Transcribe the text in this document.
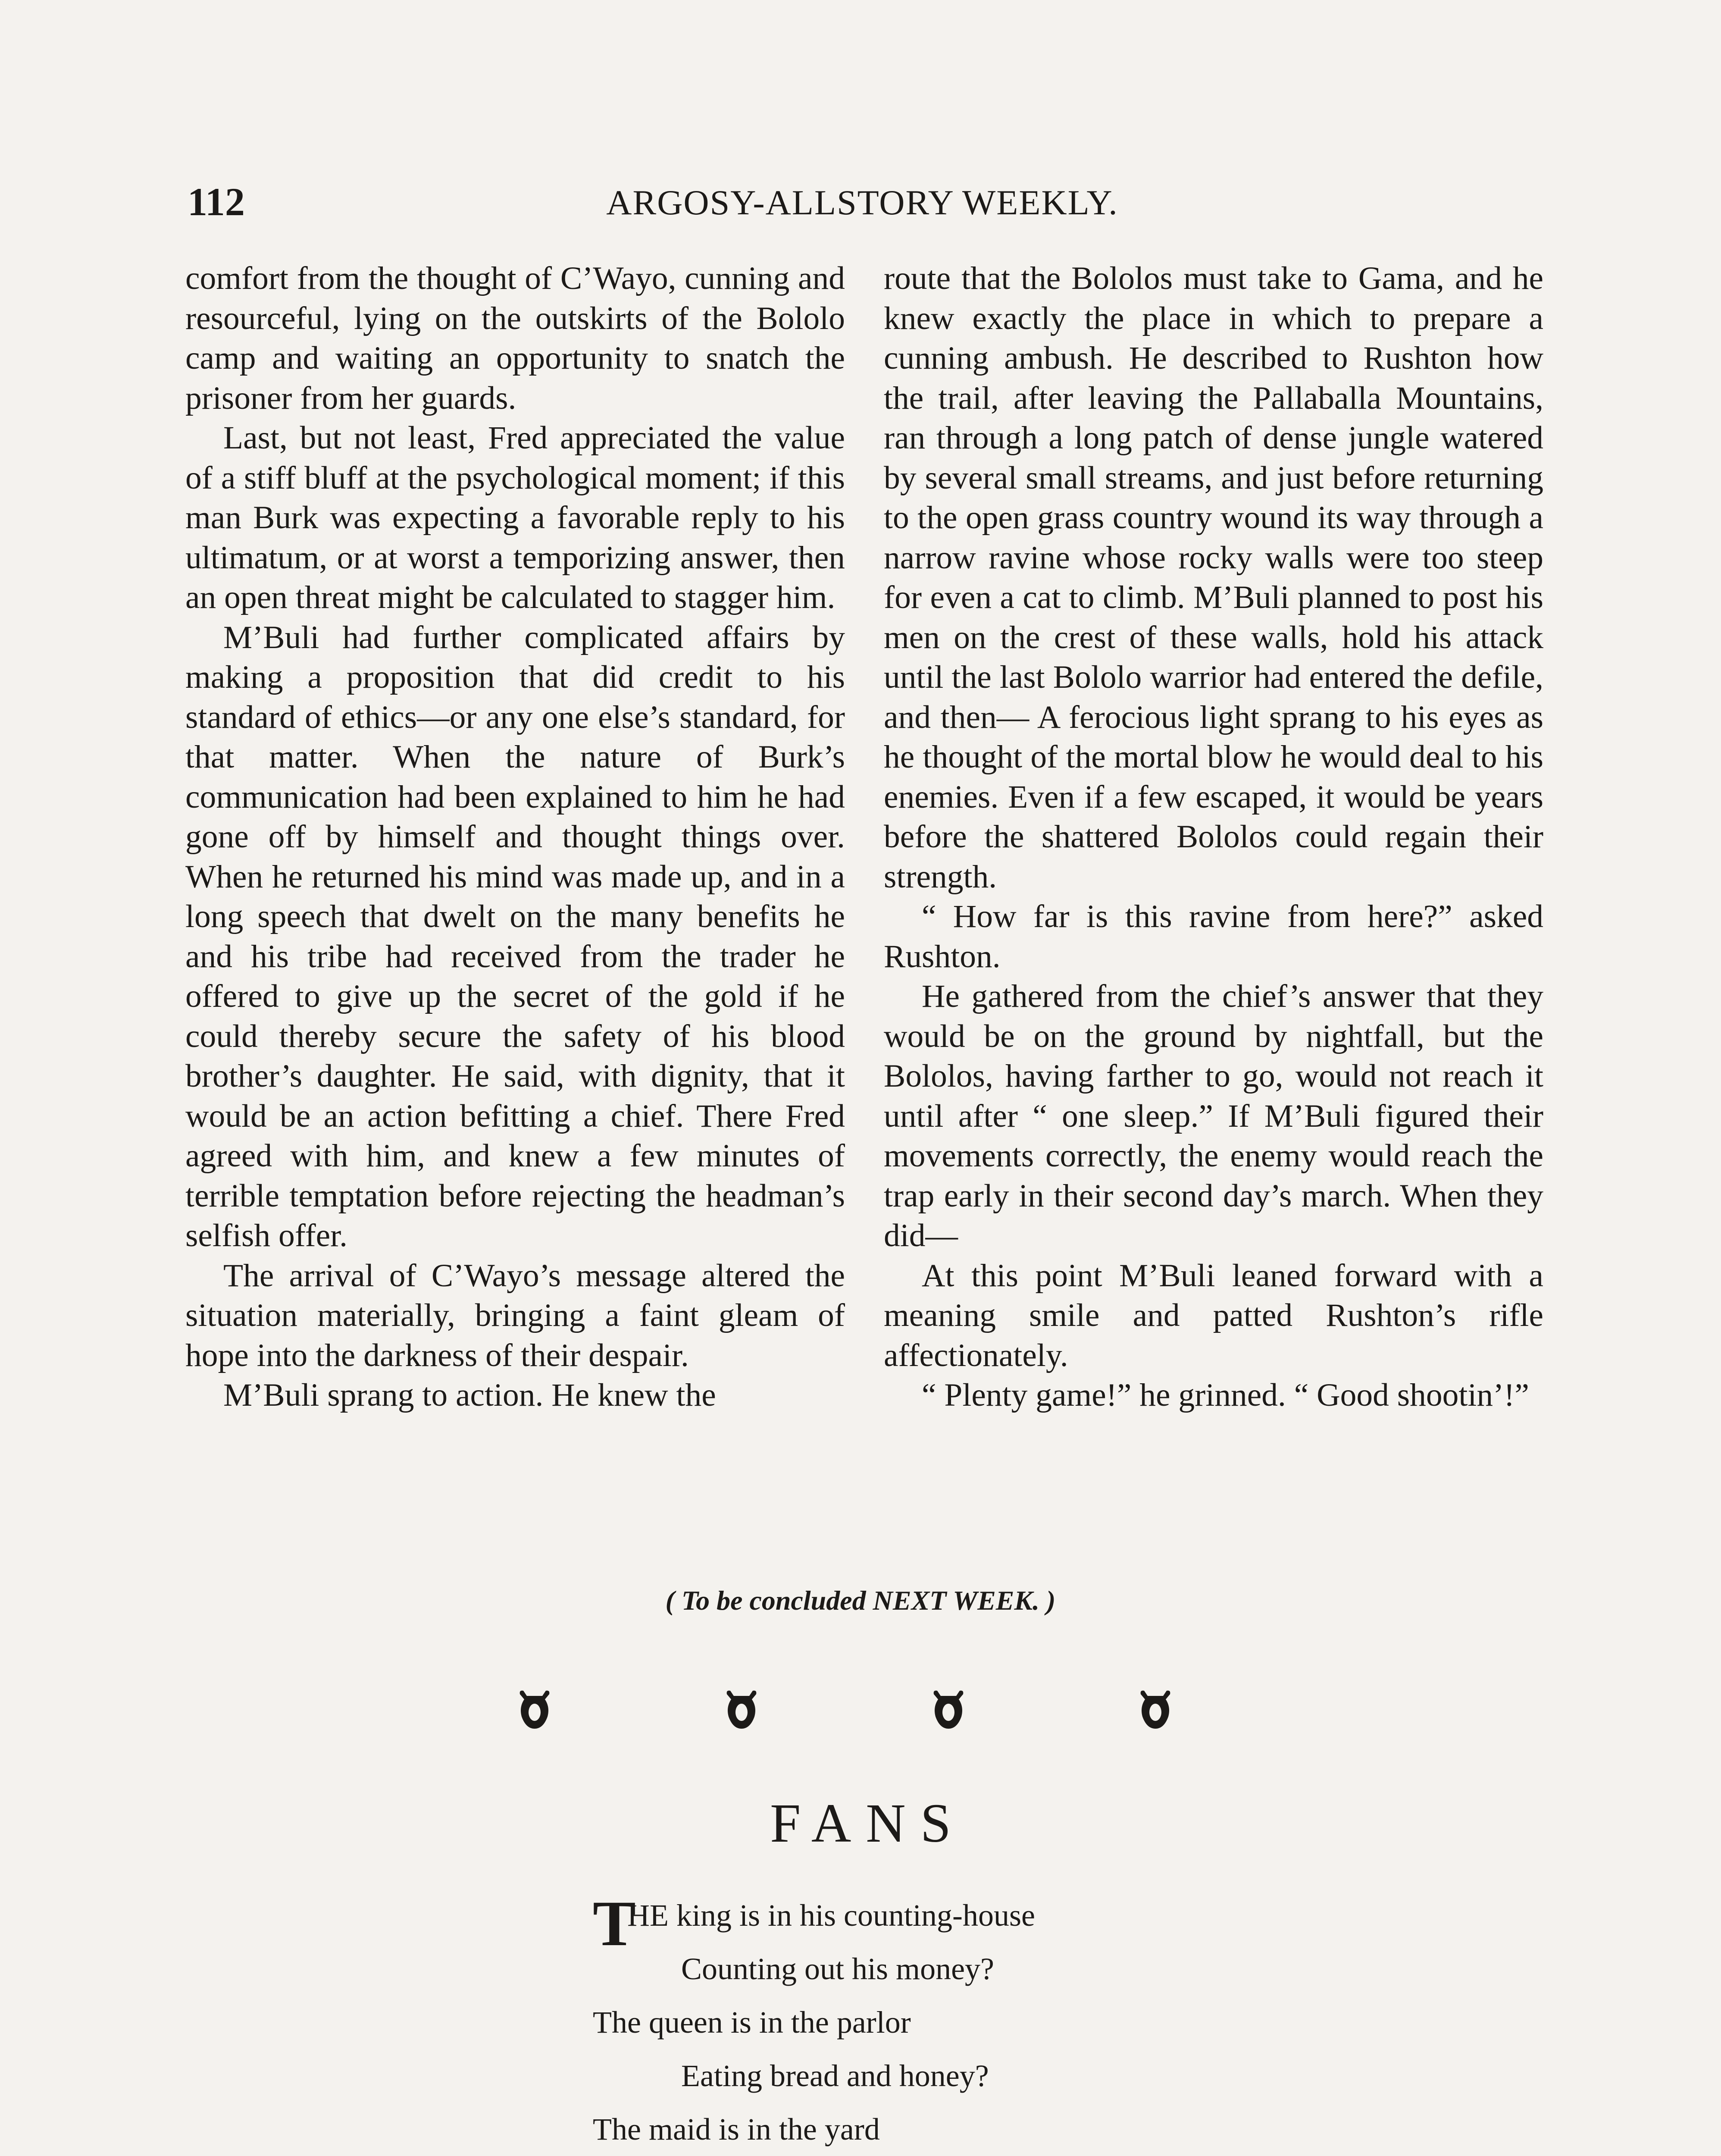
112	ARGOSY-ALLSTORY WEEKLY.

comfort from the thought of C’Wayo, cunning and resourceful, lying on the outskirts of the Bololo camp and waiting an opportunity to snatch the prisoner from her guards.

Last, but not least, Fred appreciated the value of a stiff bluff at the psychological moment; if this man Burk was expecting a favorable reply to his ultimatum, or at worst a temporizing answer, then an open threat might be calculated to stagger him.

M’Buli had further complicated affairs by making a proposition that did credit to his standard of ethics—or any one else’s standard, for that matter. When the nature of Burk’s communication had been explained to him he had gone off by himself and thought things over. When he returned his mind was made up, and in a long speech that dwelt on the many benefits he and his tribe had received from the trader he offered to give up the secret of the gold if he could thereby secure the safety of his blood brother’s daughter. He said, with dignity, that it would be an action befitting a chief. There Fred agreed with him, and knew a few minutes of terrible temptation before rejecting the headman’s selfish offer.

The arrival of C’Wayo’s message altered the situation materially, bringing a faint gleam of hope into the darkness of their despair.

M’Buli sprang to action. He knew the

route that the Bololos must take to Gama, and he knew exactly the place in which to prepare a cunning ambush. He described to Rushton how the trail, after leaving the Pallaballa Mountains, ran through a long patch of dense jungle watered by several small streams, and just before returning to the open grass country wound its way through a narrow ravine whose rocky walls were too steep for even a cat to climb. M’Buli planned to post his men on the crest of these walls, hold his attack until the last Bololo warrior had entered the defile, and then— A ferocious light sprang to his eyes as he thought of the mortal blow he would deal to his enemies. Even if a few escaped, it would be years before the shattered Bololos could regain their strength.

“ How far is this ravine from here?” asked Rushton.

He gathered from the chief’s answer that they would be on the ground by nightfall, but the Bololos, having farther to go, would not reach it until after “ one sleep.” If M’Buli figured their movements correctly, the enemy would reach the trap early in their second day’s march. When they did—

At this point M’Buli leaned forward with a meaning smile and patted Rushton’s rifle affectionately.

“ Plenty game!” he grinned. “ Good shootin’!”

( To be concluded NEXT WEEK. )
FANS
T
HE king is in his counting-house
Counting out his money?
The queen is in the parlor
Eating bread and honey?
The maid is in the yard
